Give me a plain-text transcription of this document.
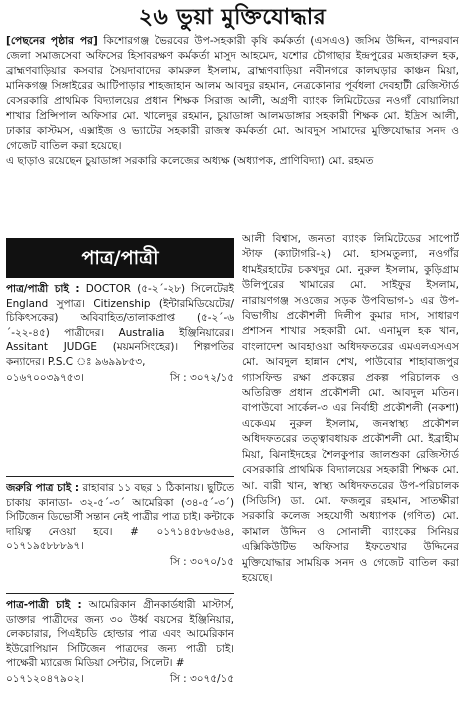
২৬ ভুয়া মুক্তিযোদ্ধার
[পেছনের পৃষ্ঠার পর] কিশোরগঞ্জ ভৈরবের উপ-সহকারী কৃষি কর্মকর্তা (এসএও) জসিম উদ্দিন, বান্দরবান জেলা সমাজসেবা অফিসের হিসাবরক্ষণ কর্মকর্তা মাসুদ আহমেদ, যশোর চৌগাছার ইন্দ্রপুরের মজহারুল হক, ব্রাহ্মণবাড়িয়ার কসবার সৈয়দাবাদের কামরুল ইসলাম, ব্রাহ্মণবাড়িয়া নবীনগরে কালঘড়ার কাঞ্চন মিয়া, মানিকগঞ্জ সিঙ্গাইরের আটিপাড়ার শাহজাহান আলম আবদুর রহমান, নেত্রকোনার পূর্বধলা দেবহাটী রেজিস্টার্ড বেসরকারি প্রাথমিক বিদ্যালয়ের প্রধান শিক্ষক সিরাজ আলী, অগ্রণী ব্যাংক লিমিটেডের নওগাঁ বোয়ালিয়া শাখার প্রিন্সিপাল অফিসার মো. খালেদুর রহমান, চুয়াডাঙ্গা আলমডাঙ্গার সহকারী শিক্ষক মো. ইদ্রিস আলী, ঢাকার কাস্টমস, এক্সাইজ ও ভ্যাটের সহকারী রাজস্ব কর্মকর্তা মো. আবদুস সামাদের মুক্তিযোদ্ধার সনদ ও গেজেট বাতিল করা হয়েছে।
এ ছাড়াও রয়েছেন চুয়াডাঙ্গা সরকারি কলেজের অধ্যক্ষ (অধ্যাপক, প্রাণিবিদ্যা) মো. রহমত
পাত্র/পাত্রী
পাত্র/পাত্রী চাই : DOCTOR (৫-২´-২৮) সিলেটেরই England সুপাত্র। Citizenship (ইন্টারমিডিয়েটের/ চিকিৎসকের) অবিবাহিত/তালাকপ্রাপ্ত (৫-২´-৬´-২২-৪৫) পাত্রীদের। Australia ইঞ্জিনিয়ারের। Assitant JUDGE (ময়মনসিংহের)। শিল্পপতির কন্যাদের। P.S.C ঃ ৯৬৯৯৮৫৩,
০১৬৭০০৩৯৭৫৩।	সি : ৩০৭২/১৫
জরুরি পাত্র চাই : রাহাবার ১১ বছর ১ ঠিকানায়। ছুটিতে চাকায় কানাডা- ৩২-৫´-৩´ আমেরিকা (৩৪-৫´-৩´) সিটিজেন ডিভোর্সী সন্তান নেই পাত্রীর পাত্র চাই। কন্টাকে দায়িত্ব নেওয়া হবে। # ০১৭১৪৫৮৬৫৬৪, ০১৭১৯৫৮৮৮৯৭।
সি : ৩০৭০/১৫
পাত্র-পাত্রী চাই : আমেরিকান গ্রীনকার্ডধারী মাস্টার্স, ডাক্তার পাত্রীদের জন্য ৩০ উর্ধ্ব বয়সের ইঞ্জিনিয়ার, লেকচারার, পিএইচডি হোল্ডার পাত্র এবং আমেরিকান ইউরোপিয়ান সিটিজেন পাত্রদের জন্য পাত্রী চাই। পাক্ষেরী ম্যারেজ মিডিয়া সেন্টার, সিলেট। #
০১৭১২০৪৭৯০২।	সি : ৩০৭৫/১৫
আলী বিশ্বাস, জনতা ব্যাংক লিমিটেডের সাপোর্ট স্টাফ (ক্যাটাগরি-২) মো. হাসমতুল্যা, নওগাঁর ধামইরহাটের চকখদুর মো. নুরুল ইসলাম, কুড়িগ্রাম উলিপুরের খামারের মো. সাইফুর ইসলাম, নারায়ণগঞ্জ সওজের সড়ক উপবিভাগ-১ এর উপ-বিভাগীয় প্রকৌশলী দিলীপ কুমার দাস, সাধারণ প্রশাসন শাখার সহকারী মো. এনামুল হক খান, বাংলাদেশ আবহাওয়া অধিদফতরের এমএলএসএস মো. আবদুল হান্নান শেখ, পাউবোর শাহাবাজপুর গ্যাসফিল্ড রক্ষা প্রকল্পের প্রকল্প পরিচালক ও অতিরিক্ত প্রধান প্রকৌশলী মো. আবদুল মতিন। বাপাউবো সার্কেল-৩ এর নির্বাহী প্রকৌশলী (নকশা) একেএম নুরুল ইসলাম, জনস্বাস্থ্য প্রকৌশল অধিদফতরের তত্ত্বাবধায়ক প্রকৌশলী মো. ইব্রাহীম মিয়া, ঝিনাইদহের শৈলকুপার জালশুকা রেজিস্টার্ড বেসরকারি প্রাথমিক বিদ্যালয়ের সহকারী শিক্ষক মো. আ. বারী খান, স্বাস্থ্য অধিদফতরের উপ-পরিচালক (সিডিসি) ডা. মো. ফজলুর রহমান, সাতক্ষীরা সরকারি কলেজ সহযোগী অধ্যাপক (গণিত) মো. কামাল উদ্দিন ও সোনালী ব্যাংকের সিনিয়র এক্সিকিউটিভ অফিসার ইফতেখার উদ্দিনের মুক্তিযোদ্ধার সাময়িক সনদ ও গেজেট বাতিল করা হয়েছে।
